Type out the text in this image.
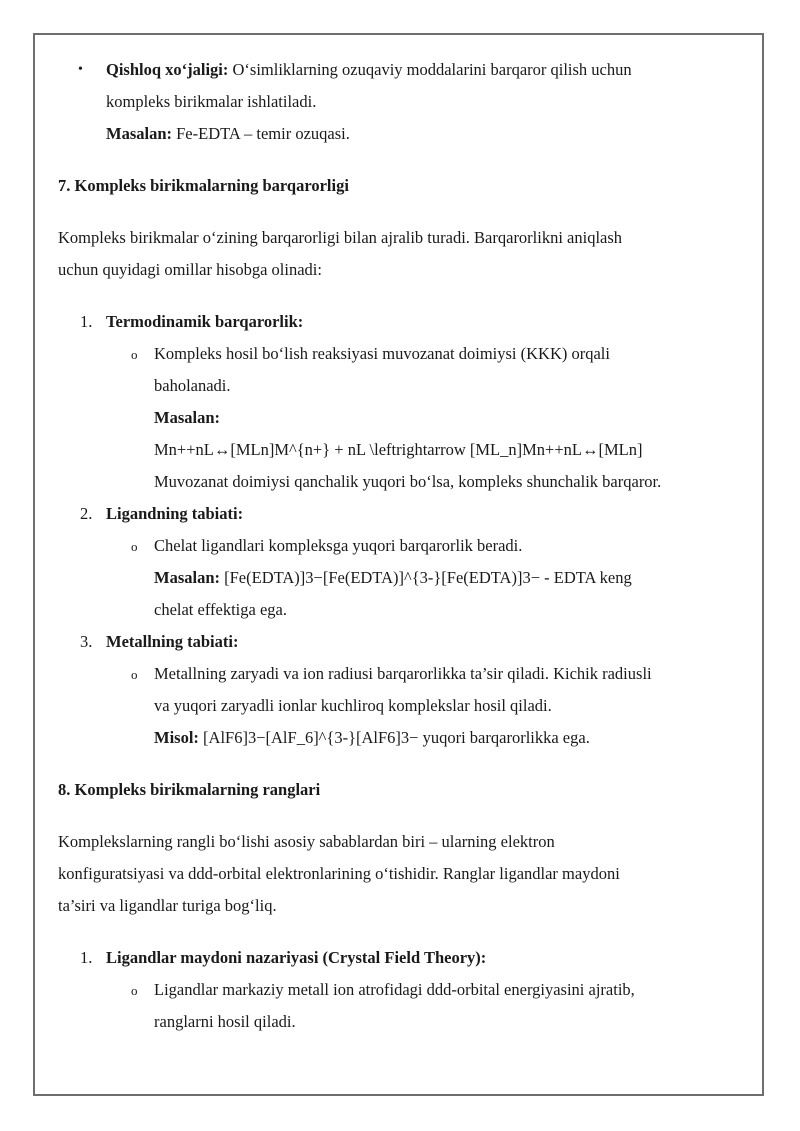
• Qishloq xo‘jaligi: O‘simliklarning ozuqaviy moddalarini barqaror qilish uchun
kompleks birikmalar ishlatiladi.
Masalan: Fe-EDTA – temir ozuqasi.
7. Kompleks birikmalarning barqarorligi
Kompleks birikmalar o‘zining barqarorligi bilan ajralib turadi. Barqarorlikni aniqlash
uchun quyidagi omillar hisobga olinadi:
1. Termodinamik barqarorlik:
o Kompleks hosil bo‘lish reaksiyasi muvozanat doimiysi (KKK) orqali
baholanadi.
Masalan:
Mn++nL↔[MLn]M^{n+} + nL \leftrightarrow [ML_n]Mn++nL↔[MLn]
Muvozanat doimiysi qanchalik yuqori bo‘lsa, kompleks shunchalik barqaror.
2. Ligandning tabiati:
o Chelat ligandlari kompleksga yuqori barqarorlik beradi.
Masalan: [Fe(EDTA)]3−[Fe(EDTA)]^{3-}[Fe(EDTA)]3− - EDTA keng
chelat effektiga ega.
3. Metallning tabiati:
o Metallning zaryadi va ion radiusi barqarorlikka ta’sir qiladi. Kichik radiusli
va yuqori zaryadli ionlar kuchliroq komplekslar hosil qiladi.
Misol: [AlF6]3−[AlF_6]^{3-}[AlF6]3− yuqori barqarorlikka ega.
8. Kompleks birikmalarning ranglari
Komplekslarning rangli bo‘lishi asosiy sabablardan biri – ularning elektron
konfiguratsiyasi va ddd-orbital elektronlarining o‘tishidir. Ranglar ligandlar maydoni
ta’siri va ligandlar turiga bog‘liq.
1. Ligandlar maydoni nazariyasi (Crystal Field Theory):
o Ligandlar markaziy metall ion atrofidagi ddd-orbital energiyasini ajratib,
ranglarni hosil qiladi.
